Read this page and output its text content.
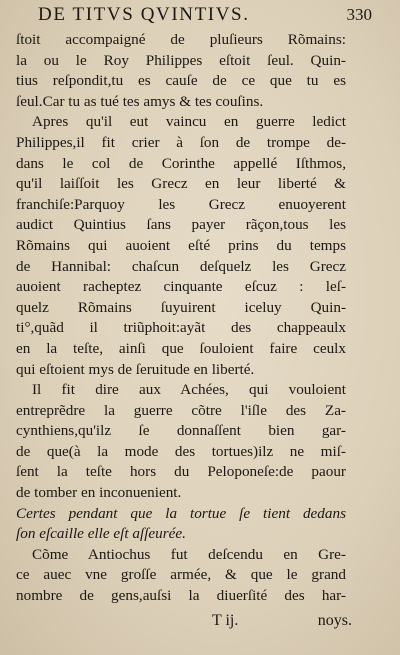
DE TITVS QVINTIVS.	330
ſtoit accompaigné de pluſieurs Rõmains:
la ou le Roy Philippes eſtoit ſeul. Quin-
tius reſpondit,tu es cauſe de ce que tu es
ſeul.Car tu as tué tes amys & tes couſins.
Apres qu'il eut vaincu en guerre ledict
Philippes,il fit crier à ſon de trompe de-
dans le col de Corinthe appellé Iſthmos,
qu'il laiſſoit les Grecz en leur liberté &
franchiſe:Parquoy les Grecz enuoyerent
audict Quintius ſans payer rãçon,tous les
Rõmains qui auoient eſté prins du temps
de Hannibal: chaſcun deſquelz les Grecz
auoient racheptez cinquante eſcuz : leſ-
quelz Rõmains ſuyuirent iceluy Quin-
ti°,quãd il triũphoit:ayãt des chappeaulx
en la teſte, ainſi que ſouloient faire ceulx
qui eſtoient mys de ſeruitude en liberté.
Il fit dire aux Achées, qui vouloient
entreprẽdre la guerre cõtre l'iſle des Za-
cynthiens,qu'ilz ſe donnaſſent bien gar-
de que(à la mode des tortues)ilz ne miſ-
ſent la teſte hors du Peloponeſe:de paour
de tomber en inconuenient.
Certes pendant que la tortue ſe tient dedans
ſon eſcaille elle eſt aſſeurée.
Cõme Antiochus fut deſcendu en Gre-
ce auec vne groſſe armée, & que le grand
nombre de gens,auſsi la diuerſité des har-
T ij.	noys.
